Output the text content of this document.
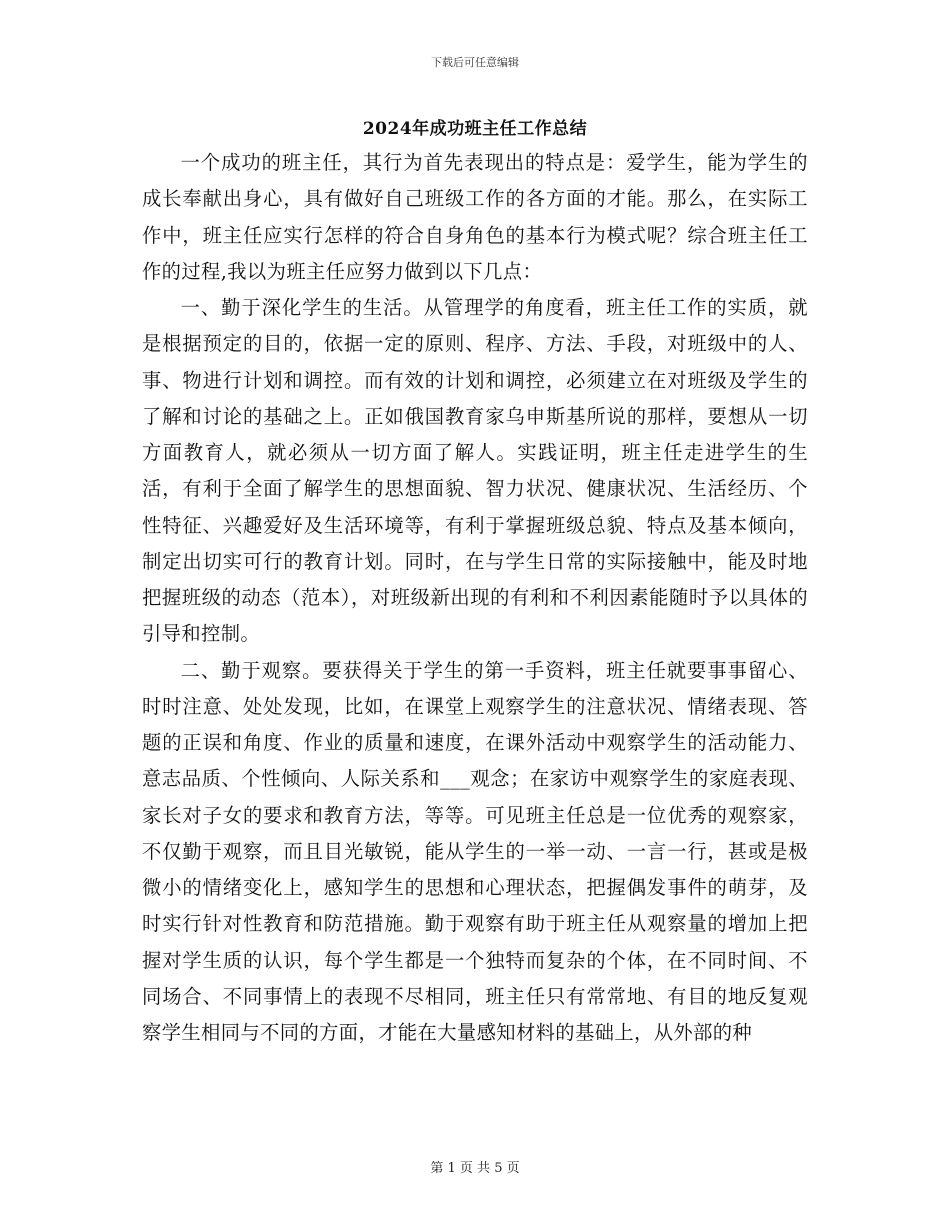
下载后可任意编辑
2024年成功班主任工作总结

一个成功的班主任，其行为首先表现出的特点是：爱学生，能为学生的成长奉献出身心，具有做好自己班级工作的各方面的才能。那么，在实际工作中，班主任应实行怎样的符合自身角色的基本行为模式呢？综合班主任工作的过程,我以为班主任应努力做到以下几点：

一、勤于深化学生的生活。从管理学的角度看，班主任工作的实质，就是根据预定的目的，依据一定的原则、程序、方法、手段，对班级中的人、事、物进行计划和调控。而有效的计划和调控，必须建立在对班级及学生的了解和讨论的基础之上。正如俄国教育家乌申斯基所说的那样，要想从一切方面教育人，就必须从一切方面了解人。实践证明，班主任走进学生的生活，有利于全面了解学生的思想面貌、智力状况、健康状况、生活经历、个性特征、兴趣爱好及生活环境等，有利于掌握班级总貌、特点及基本倾向，制定出切实可行的教育计划。同时，在与学生日常的实际接触中，能及时地把握班级的动态（范本），对班级新出现的有利和不利因素能随时予以具体的引导和控制。

二、勤于观察。要获得关于学生的第一手资料，班主任就要事事留心、时时注意、处处发现，比如，在课堂上观察学生的注意状况、情绪表现、答题的正误和角度、作业的质量和速度，在课外活动中观察学生的活动能力、意志品质、个性倾向、人际关系和___观念；在家访中观察学生的家庭表现、家长对子女的要求和教育方法，等等。可见班主任总是一位优秀的观察家，不仅勤于观察，而且目光敏锐，能从学生的一举一动、一言一行，甚或是极微小的情绪变化上，感知学生的思想和心理状态，把握偶发事件的萌芽，及时实行针对性教育和防范措施。勤于观察有助于班主任从观察量的增加上把握对学生质的认识，每个学生都是一个独特而复杂的个体，在不同时间、不同场合、不同事情上的表现不尽相同，班主任只有常常地、有目的地反复观察学生相同与不同的方面，才能在大量感知材料的基础上，从外部的种

第 1 页 共 5 页
